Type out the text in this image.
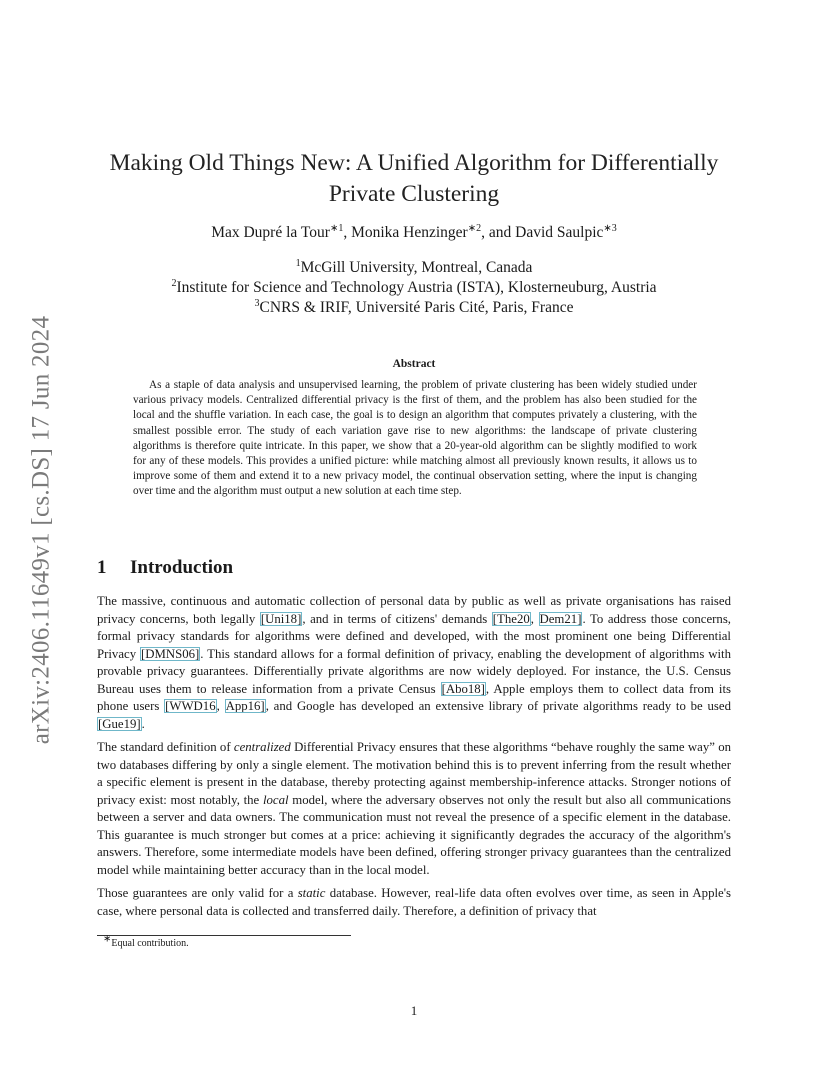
arXiv:2406.11649v1 [cs.DS] 17 Jun 2024
Making Old Things New: A Unified Algorithm for Differentially
Private Clustering
Max Dupré la Tour$^{∗1}$, Monika Henzinger$^{∗2}$, and David Saulpic$^{∗3}$
$^1$McGill University, Montreal, Canada
$^2$Institute for Science and Technology Austria (ISTA), Klosterneuburg, Austria
$^3$CNRS & IRIF, Université Paris Cité, Paris, France
Abstract

As a staple of data analysis and unsupervised learning, the problem of private clustering has been widely studied under various privacy models. Centralized differential privacy is the first of them, and the problem has also been studied for the local and the shuffle variation. In each case, the goal is to design an algorithm that computes privately a clustering, with the smallest possible error. The study of each variation gave rise to new algorithms: the landscape of private clustering algorithms is therefore quite intricate. In this paper, we show that a 20-year-old algorithm can be slightly modified to work for any of these models. This provides a unified picture: while matching almost all previously known results, it allows us to improve some of them and extend it to a new privacy model, the continual observation setting, where the input is changing over time and the algorithm must output a new solution at each time step.

1 Introduction

The massive, continuous and automatic collection of personal data by public as well as private organisations has raised privacy concerns, both legally [Uni18], and in terms of citizens' demands [The20, Dem21]. To address those concerns, formal privacy standards for algorithms were defined and developed, with the most prominent one being Differential Privacy [DMNS06]. This standard allows for a formal definition of privacy, enabling the development of algorithms with provable privacy guarantees. Differentially private algorithms are now widely deployed. For instance, the U.S. Census Bureau uses them to release information from a private Census [Abo18], Apple employs them to collect data from its phone users [WWD16, App16], and Google has developed an extensive library of private algorithms ready to be used [Gue19].

The standard definition of centralized Differential Privacy ensures that these algorithms “behave roughly the same way” on two databases differing by only a single element. The motivation behind this is to prevent inferring from the result whether a specific element is present in the database, thereby protecting against membership-inference attacks. Stronger notions of privacy exist: most notably, the local model, where the adversary observes not only the result but also all communications between a server and data owners. The communication must not reveal the presence of a specific element in the database. This guarantee is much stronger but comes at a price: achieving it significantly degrades the accuracy of the algorithm's answers. Therefore, some intermediate models have been defined, offering stronger privacy guarantees than the centralized model while maintaining better accuracy than in the local model.

Those guarantees are only valid for a static database. However, real-life data often evolves over time, as seen in Apple's case, where personal data is collected and transferred daily. Therefore, a definition of privacy that

∗Equal contribution.
1
